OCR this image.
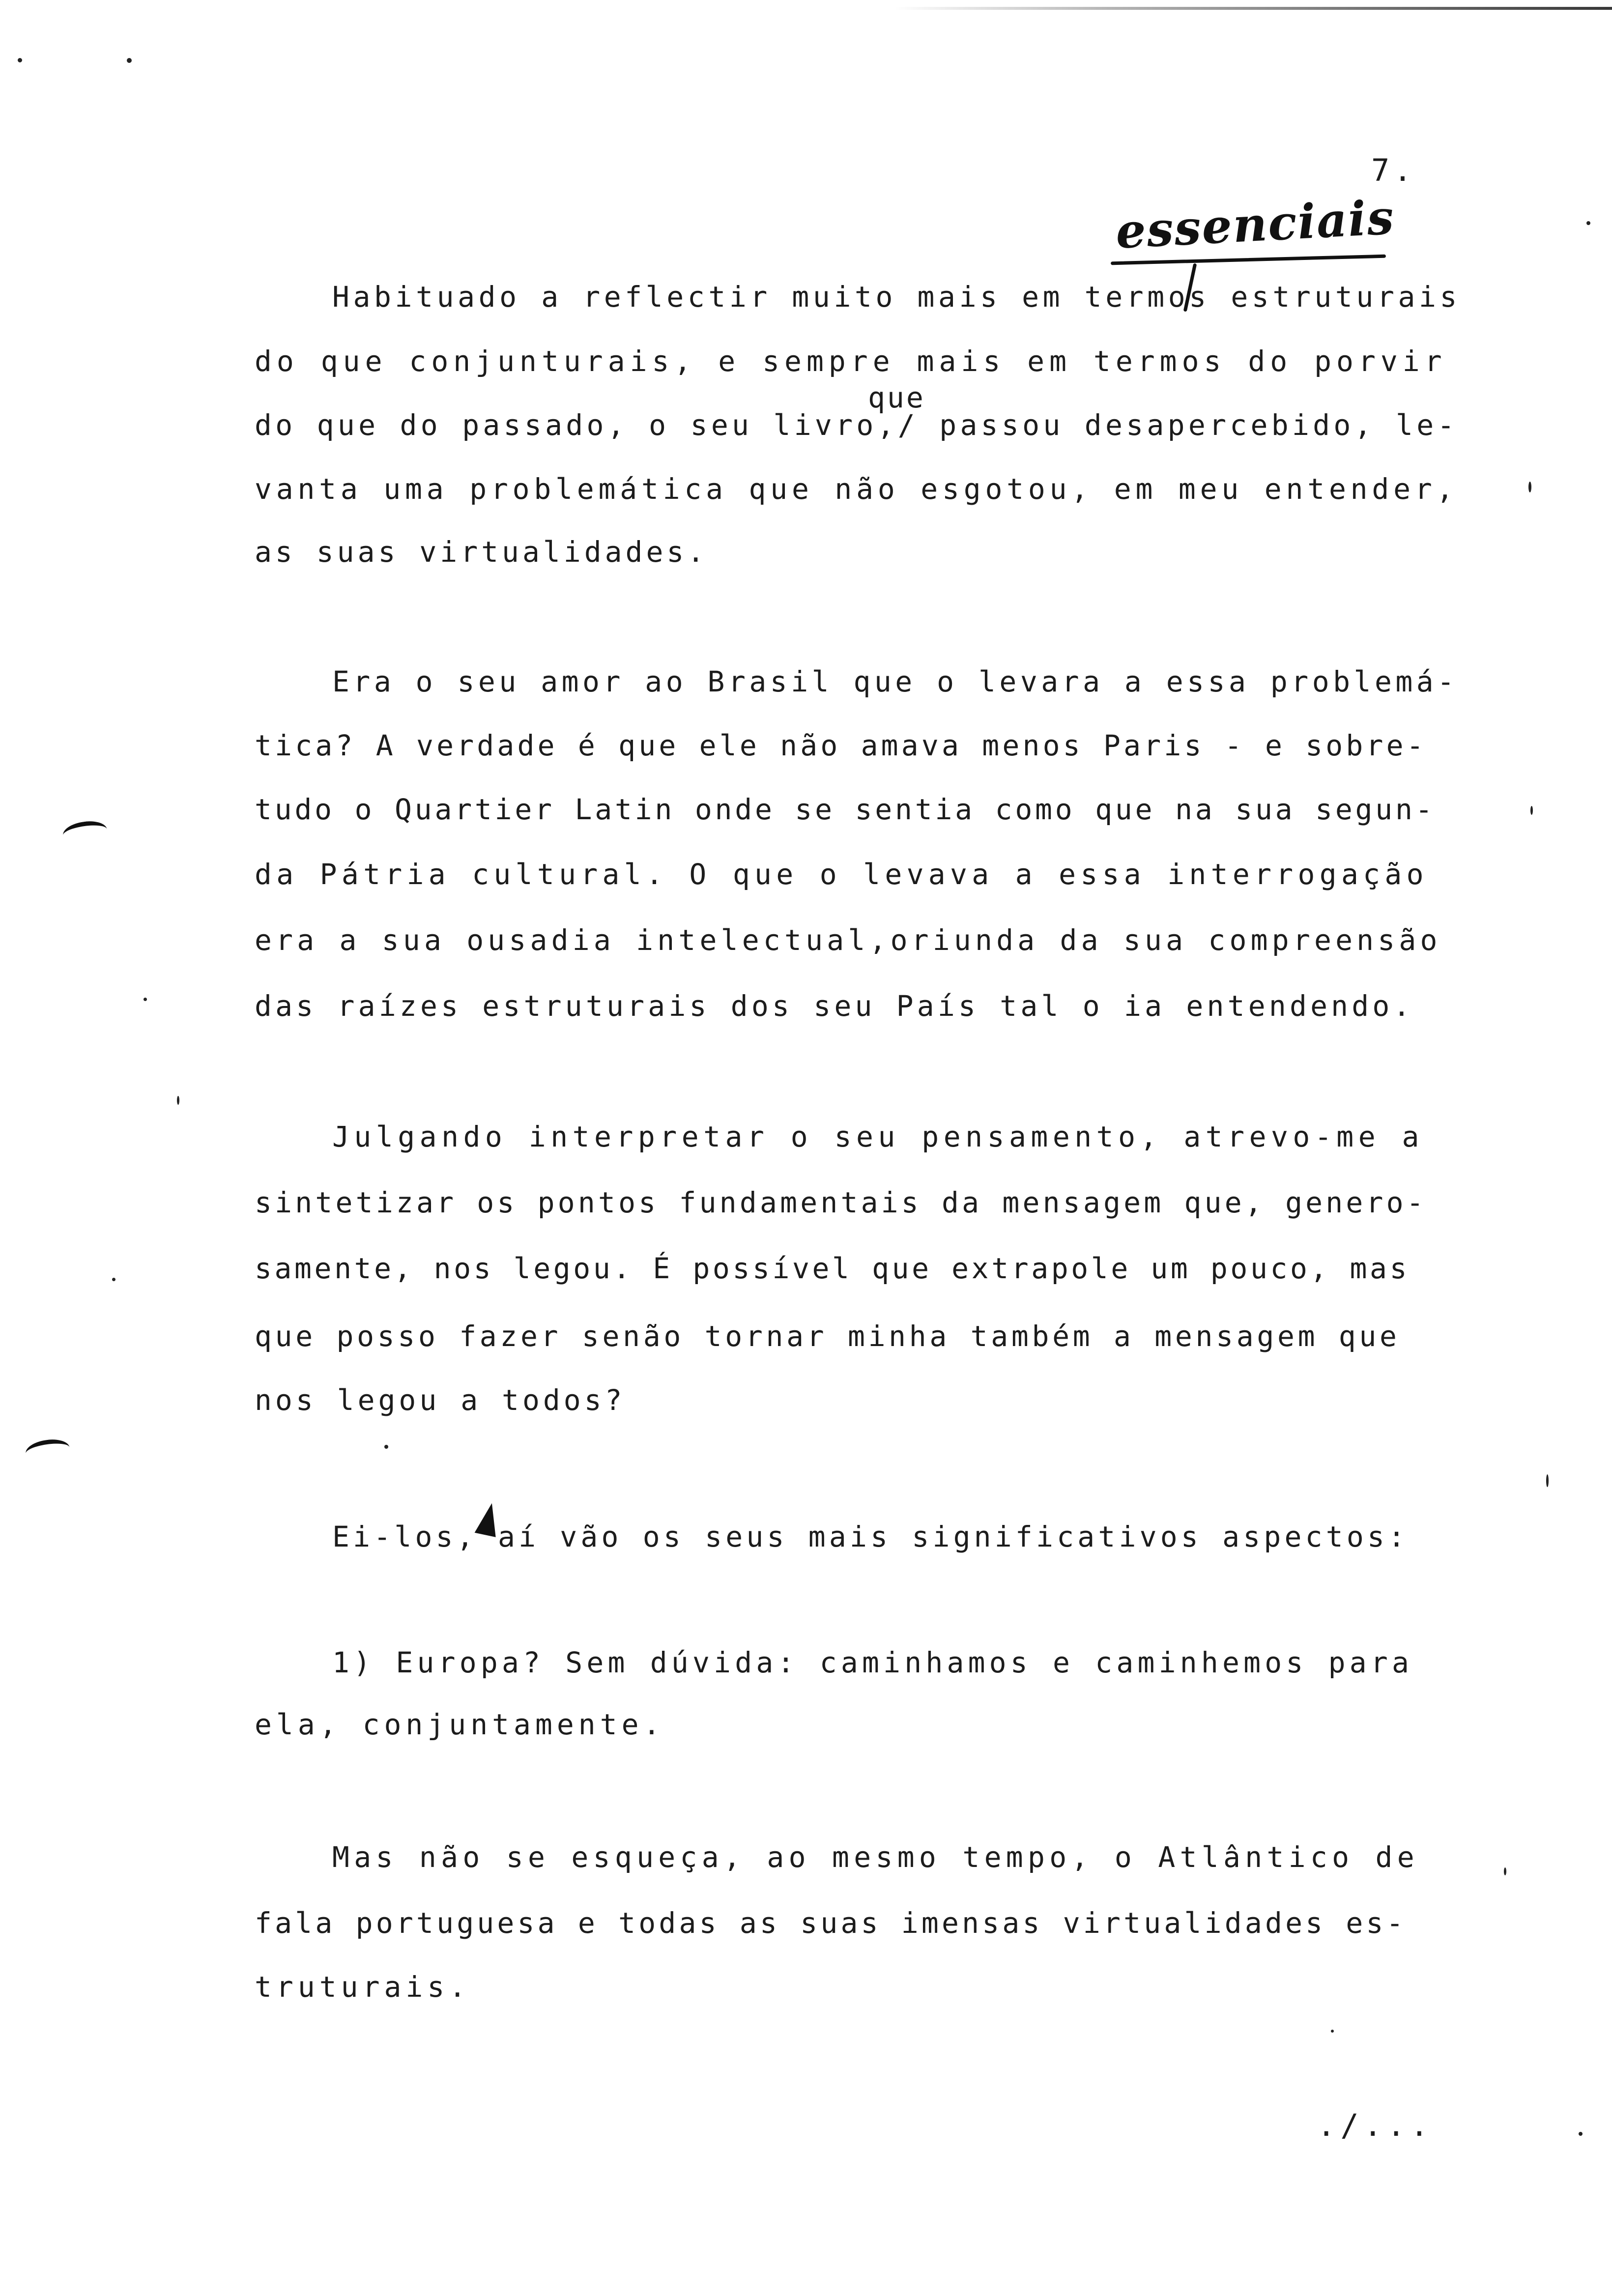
7.
essenciais
Habituado a reflectir muito mais em termos estruturais
do que conjunturais, e sempre mais em termos do porvir
que
do que do passado, o seu livro,/ passou desapercebido, le-
vanta uma problemática que não esgotou, em meu entender,
as suas virtualidades.
Era o seu amor ao Brasil que o levara a essa problemá-
tica? A verdade é que ele não amava menos Paris - e sobre-
tudo o Quartier Latin onde se sentia como que na sua segun-
da Pátria cultural. O que o levava a essa interrogação
era a sua ousadia intelectual,oriunda da sua compreensão
das raízes estruturais dos seu País tal o ia entendendo.
Julgando interpretar o seu pensamento, atrevo-me a
sintetizar os pontos fundamentais da mensagem que, genero-
samente, nos legou. É possível que extrapole um pouco, mas
que posso fazer senão tornar minha também a mensagem que
nos legou a todos?
Ei-los, aí vão os seus mais significativos aspectos:
1) Europa? Sem dúvida: caminhamos e caminhemos para
ela, conjuntamente.
Mas não se esqueça, ao mesmo tempo, o Atlântico de
fala portuguesa e todas as suas imensas virtualidades es-
truturais.
./...
